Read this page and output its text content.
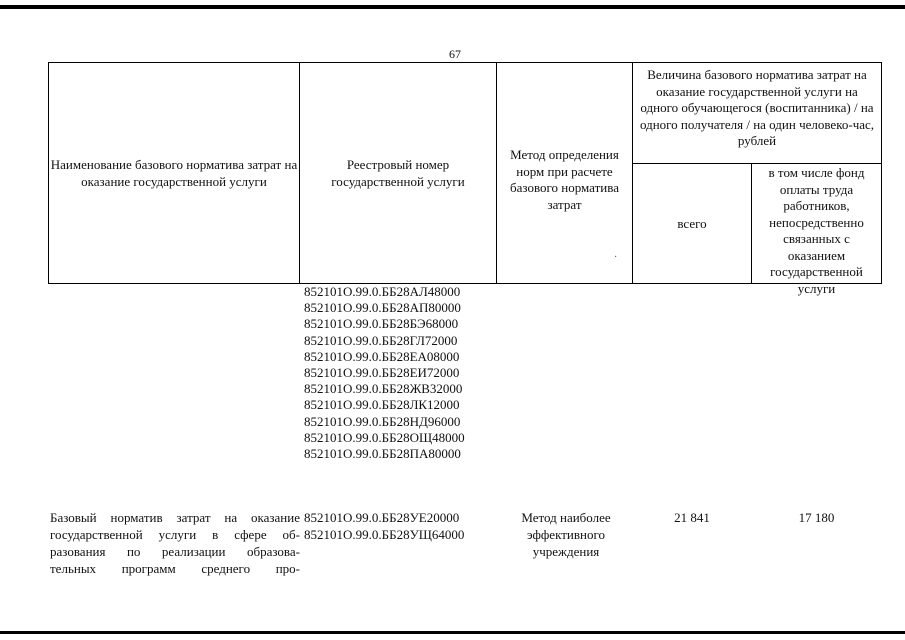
67
Наименование базового норматива затрат на оказание государственной услуги
Реестровый номер государственной услуги
Метод определения норм при расчете базового норматива затрат
Величина базового норматива затрат на оказание государственной услуги на одного обучающегося (воспитанника) / на одного получателя / на один человеко-час, рублей
всего
в том числе фонд оплаты труда работников, непосредственно связанных с оказанием государственной услуги
·
852101О.99.0.ББ28АЛ48000
852101О.99.0.ББ28АП80000
852101О.99.0.ББ28БЭ68000
852101О.99.0.ББ28ГЛ72000
852101О.99.0.ББ28ЕА08000
852101О.99.0.ББ28ЕИ72000
852101О.99.0.ББ28ЖВ32000
852101О.99.0.ББ28ЛК12000
852101О.99.0.ББ28НД96000
852101О.99.0.ББ28ОЩ48000
852101О.99.0.ББ28ПА80000
Базовый норматив затрат на оказание
государственной услуги в сфере об-
разования по реализации образова-
тельных программ среднего про-
852101О.99.0.ББ28УЕ20000
852101О.99.0.ББ28УЩ64000
Метод наиболее эффективного учреждения
21 841	17 180
